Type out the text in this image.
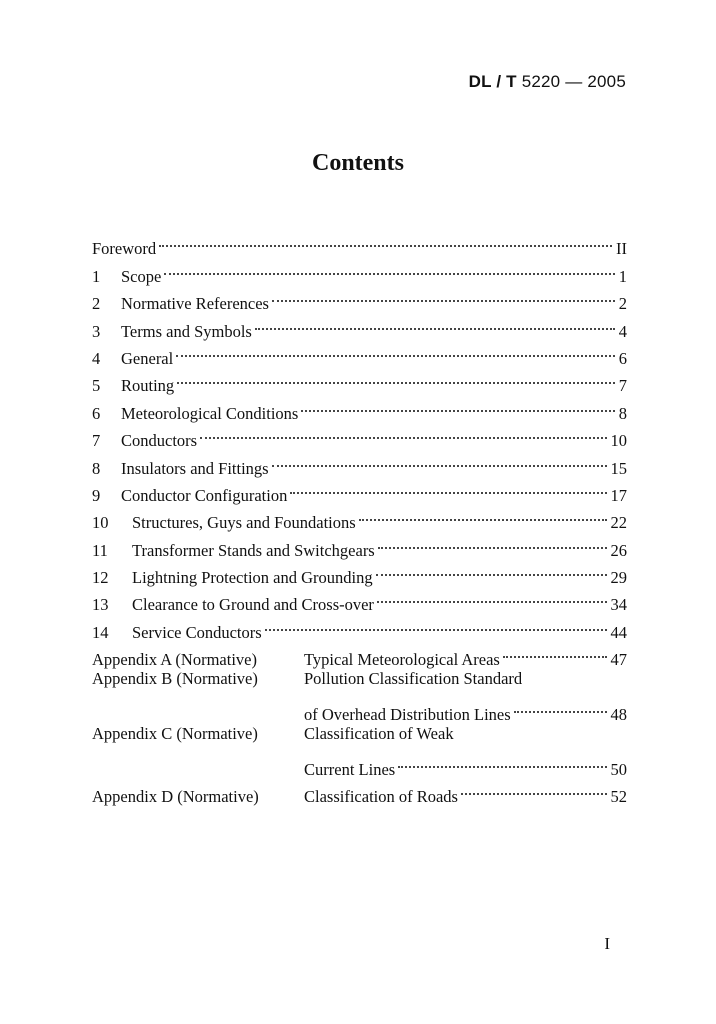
DL / T 5220 — 2005
Contents
Foreword	II
1	Scope	1
2	Normative References	2
3	Terms and Symbols	4
4	General	6
5	Routing	7
6	Meteorological Conditions	8
7	Conductors	10
8	Insulators and Fittings	15
9	Conductor Configuration	17
10	Structures, Guys and Foundations	22
11	Transformer Stands and Switchgears	26
12	Lightning Protection and Grounding	29
13	Clearance to Ground and Cross-over	34
14	Service Conductors	44
Appendix A (Normative)	Typical Meteorological Areas	47
Appendix B (Normative)	Pollution Classification Standard
of Overhead Distribution Lines	48
Appendix C (Normative)	Classification of Weak
Current Lines	50
Appendix D (Normative)	Classification of Roads	52
I
